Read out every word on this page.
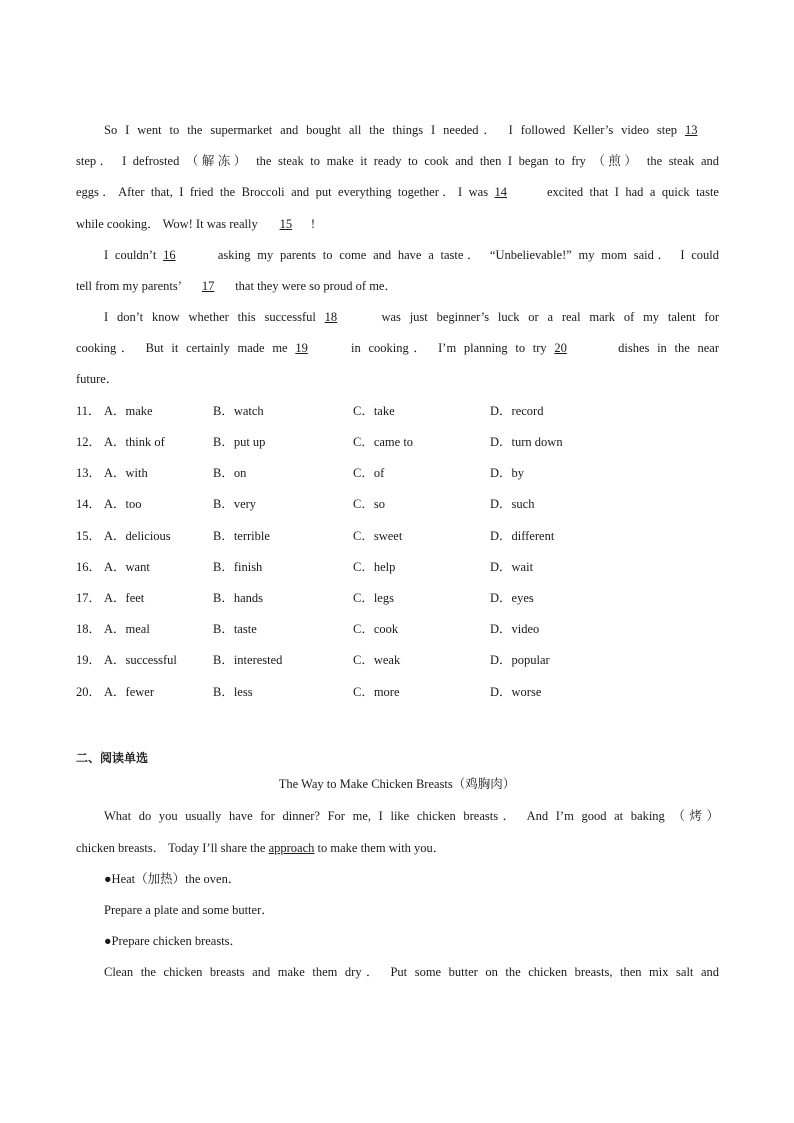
So I went to the supermarket and bought all the things I needed． I followed Keller’s video step 13
step． I defrosted （解冻） the steak to make it ready to cook and then I began to fry （煎） the steak and
eggs．After that, I fried the Broccoli and put everything together．I was 14	excited that I had a quick taste
while cooking． Wow! It was really 15 !
I couldn’t 16	asking my parents to come and have a taste． “Unbelievable!” my mom said． I could
tell from my parents’ 17 that they were so proud of me．
I don’t know whether this successful 18	was just beginner’s luck or a real mark of my talent for
cooking． But it certainly made me 19	in cooking． I’m planning to try 20	dishes in the near
future．
11． A．make	B．watch	C．take	D．record
12． A．think of	B．put up	C．came to	D．turn down
13． A．with	B．on	C．of	D．by
14． A．too	B．very	C．so	D．such
15． A．delicious	B．terrible	C．sweet	D．different
16． A．want	B．finish	C．help	D．wait
17． A．feet	B．hands	C．legs	D．eyes
18． A．meal	B．taste	C．cook	D．video
19． A．successful	B．interested	C．weak	D．popular
20． A．fewer	B．less	C．more	D．worse
二、阅读单选
The Way to Make Chicken Breasts（鸡胸肉）
What do you usually have for dinner? For me, I like chicken breasts． And I’m good at baking （烤）
chicken breasts． Today I’ll share the approach to make them with you．
●Heat（加热）the oven．
Prepare a plate and some butter．
●Prepare chicken breasts．
Clean the chicken breasts and make them dry． Put some butter on the chicken breasts, then mix salt and
